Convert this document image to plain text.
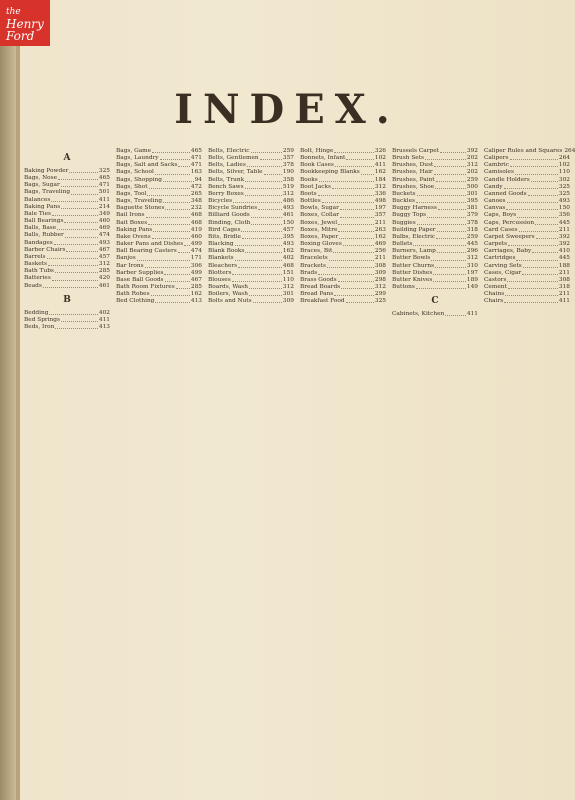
the
Henry
Ford
INDEX.
A
Baking Powder	325
Bags, Nose	465
Bags, Sugar	471
Bags, Traveling	501
Balances	411
Baking Pans	214
Bale Ties	349
Ball Bearings	460
Balls, Base	469
Balls, Rubber	474
Bandages	493
Barber Chairs	467
Barrels	457
Baskets	312
Bath Tubs	285
Batteries	420
Beads	461
B
Bedding	402
Bed Springs	411
Beds, Iron	413
Bags, Game	465
Bags, Laundry	471
Bags, Salt and Sacks 471
Bags, School	163
Bags, Shopping	94
Bags, Shot	472
Bags, Tool	265
Bags, Traveling	348
Baguette Stones	232
Bail Irons	468
Bait Boxes	468
Baking Pans	419
Bake Ovens	460
Baker Pans and Dishes 499
Ball Bearing Casters 474
Banjos	171
Bar Irons	306
Barber Supplies	499
Base Ball Goods	467
Bath Room Fixtures	285
Bath Robes	162
Bed Clothing	413
Belts, Electric	259
Belts, Gentlemen	357
Belts, Ladies	378
Belts, Silver, Table	190
Belts, Trunk	358
Bench Saws	519
Berry Boxes	312
Bicycles	486
Bicycle Sundries	493
Billiard Goods	461
Binding, Cloth	150
Bird Cages	457
Bits, Bridle	395
Blacking	493
Blank Books	162
Blankets	402
Bleachers	468
Blotters	151
Blouses	110
Boards, Wash	312
Boilers, Wash	301
Bolts and Nuts	309
Bolt, Hinge	326
Bonnets, Infant	102
Book Cases	411
Bookkeeping Blanks	162
Books	184
Boot Jacks	312
Boots	336
Bottles	498
Bowls, Sugar	197
Boxes, Collar	357
Boxes, Jewel	211
Boxes, Mitre	263
Boxes, Paper	162
Boxing Gloves	469
Braces, Bit	256
Bracelets	211
Brackets	308
Brads	309
Brass Goods	298
Bread Boards	312
Bread Pans	299
Breakfast Food	325
Brussels Carpet	392
Brush Sets	202
Brushes, Dust	312
Brushes, Hair	202
Brushes, Paint	259
Brushes, Shoe	500
Buckets	301
Buckles	395
Buggy Harness	381
Buggy Tops	379
Buggies	378
Building Paper	318
Bulbs, Electric	259
Bullets	445
Burners, Lamp	296
Butter Bowls	312
Butter Churns	310
Butter Dishes	197
Butter Knives	189
Buttons	149
C
Cabinets, Kitchen	411
Caliper Rules and Squares 264
Calipers	264
Cambric	102
Camisoles	110
Candle Holders	302
Candy	325
Canned Goods	325
Canoes	493
Canvas	150
Caps, Boys	356
Caps, Percussion	445
Card Cases	211
Carpet Sweepers	392
Carpets	392
Carriages, Baby	410
Cartridges	445
Carving Sets	188
Cases, Cigar	211
Castors	308
Cement	318
Chains	211
Chairs	411
